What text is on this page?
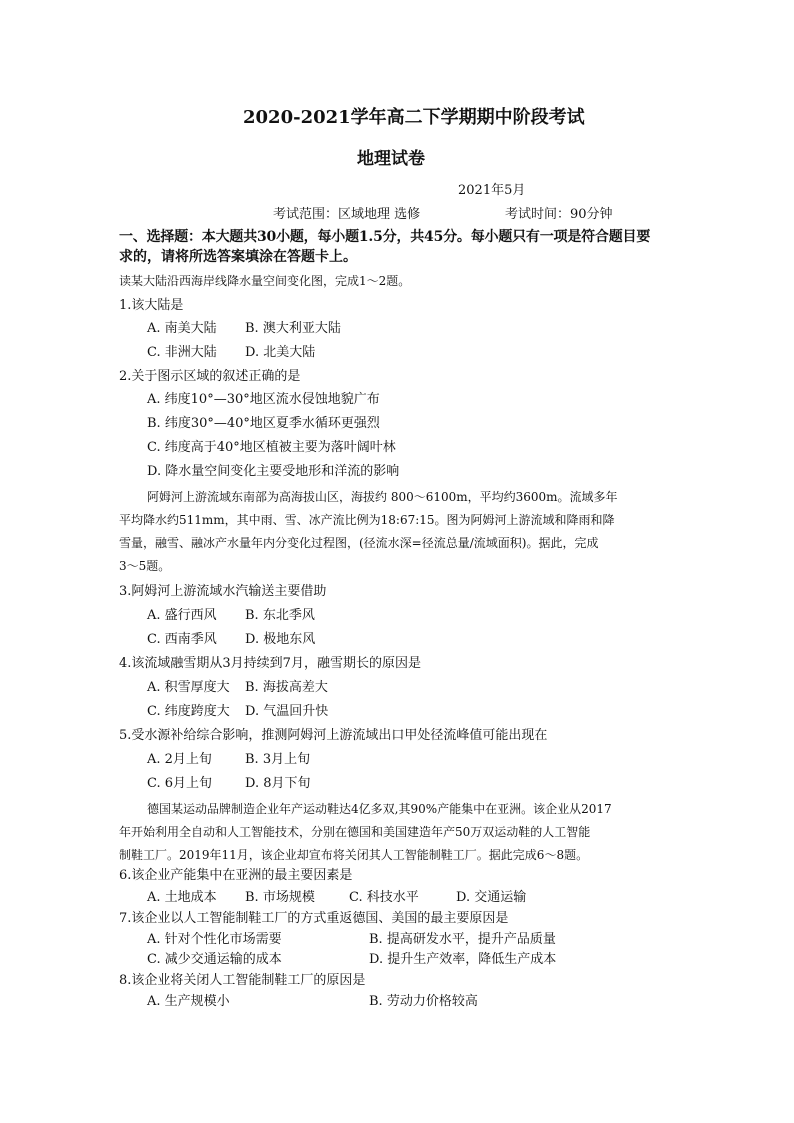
2020-2021学年高二下学期期中阶段考试
地理试卷
2021年5月
考试范围：区域地理 选修	考试时间：90分钟
一、选择题：本大题共30小题，每小题1.5分，共45分。每小题只有一项是符合题目要
求的，请将所选答案填涂在答题卡上。
读某大陆沿西海岸线降水量空间变化图，完成1～2题。
1.该大陆是
A. 南美大陆 B. 澳大利亚大陆
C. 非洲大陆 D. 北美大陆
2.关于图示区域的叙述正确的是
A. 纬度10°—30°地区流水侵蚀地貌广布
B. 纬度30°—40°地区夏季水循环更强烈
C. 纬度高于40°地区植被主要为落叶阔叶林
D. 降水量空间变化主要受地形和洋流的影响
阿姆河上游流域东南部为高海拔山区，海拔约 800～6100m，平均约3600m。流域多年
平均降水约511mm，其中雨、雪、冰产流比例为18:67:15。图为阿姆河上游流域和降雨和降
雪量，融雪、融冰产水量年内分变化过程图，(径流水深=径流总量/流域面积)。据此，完成
3～5题。
3.阿姆河上游流域水汽输送主要借助
A. 盛行西风 B. 东北季风
C. 西南季风 D. 极地东风
4.该流域融雪期从3月持续到7月，融雪期长的原因是
A. 积雪厚度大 B. 海拔高差大
C. 纬度跨度大 D. 气温回升快
5.受水源补给综合影响，推测阿姆河上游流域出口甲处径流峰值可能出现在
A. 2月上旬	B. 3月上旬
C. 6月上旬	D. 8月下旬
德国某运动品牌制造企业年产运动鞋达4亿多双,其90%产能集中在亚洲。该企业从2017
年开始利用全自动和人工智能技术，分别在德国和美国建造年产50万双运动鞋的人工智能
制鞋工厂。2019年11月，该企业却宣布将关闭其人工智能制鞋工厂。据此完成6～8题。
6.该企业产能集中在亚洲的最主要因素是
A. 土地成本 B. 市场规模	C. 科技水平	D. 交通运输
7.该企业以人工智能制鞋工厂的方式重返德国、美国的最主要原因是
A. 针对个性化市场需要	B. 提高研发水平，提升产品质量
C. 减少交通运输的成本	D. 提升生产效率，降低生产成本
8.该企业将关闭人工智能制鞋工厂的原因是
A. 生产规模小	B. 劳动力价格较高
